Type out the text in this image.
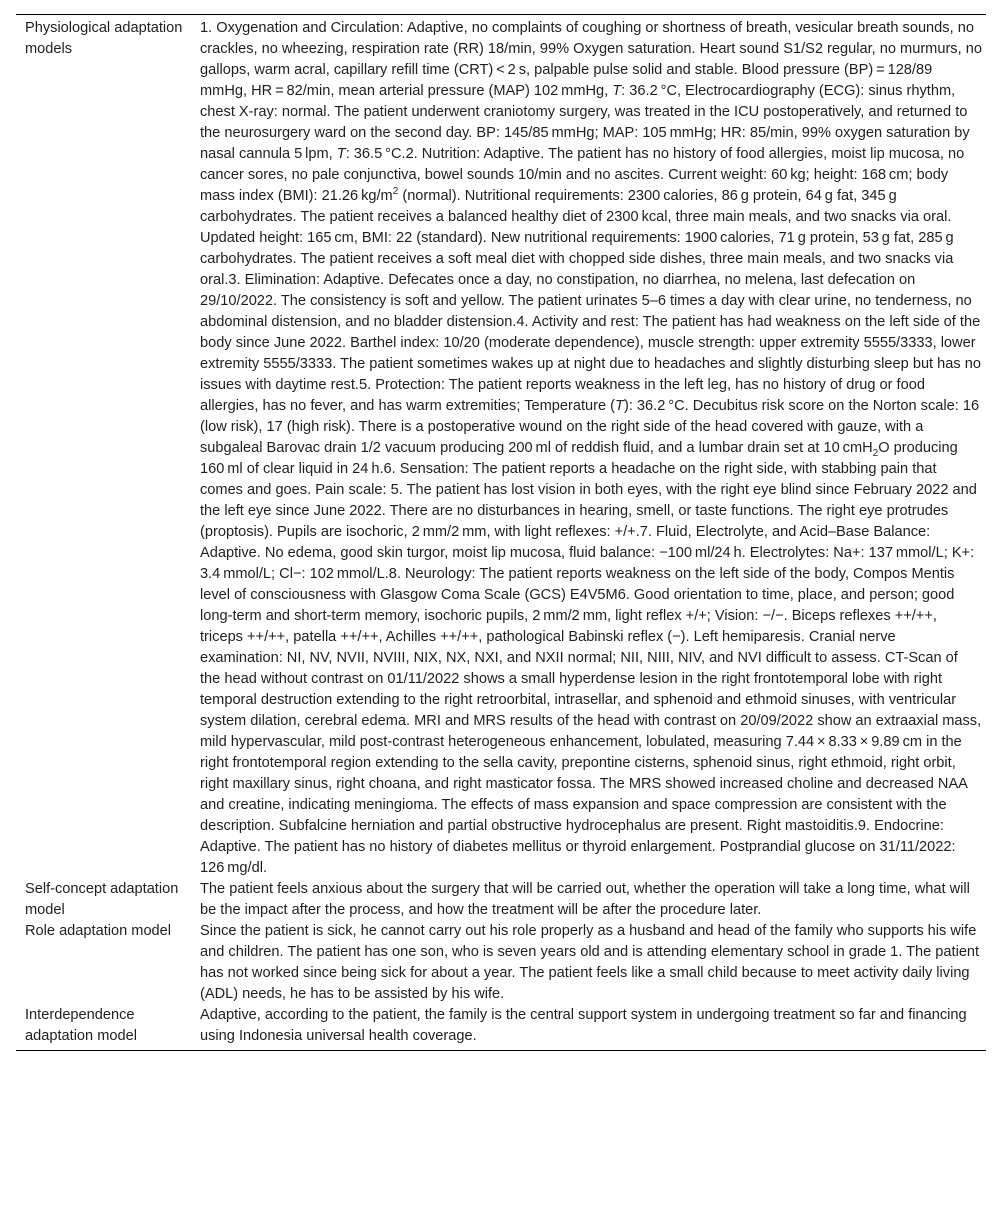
Physiological adaptation models	1. Oxygenation and Circulation: Adaptive, no complaints of coughing or shortness of breath, vesicular breath sounds, no crackles, no wheezing, respiration rate (RR) 18/min, 99% Oxygen saturation. Heart sound S1/S2 regular, no murmurs, no gallops, warm acral, capillary refill time (CRT) < 2 s, palpable pulse solid and stable. Blood pressure (BP) = 128/89 mmHg, HR = 82/min, mean arterial pressure (MAP) 102 mmHg, T: 36.2 °C, Electrocardiography (ECG): sinus rhythm, chest X-ray: normal. The patient underwent craniotomy surgery, was treated in the ICU postoperatively, and returned to the neurosurgery ward on the second day. BP: 145/85 mmHg; MAP: 105 mmHg; HR: 85/min, 99% oxygen saturation by nasal cannula 5 lpm, T: 36.5 °C.2. Nutrition: Adaptive. The patient has no history of food allergies, moist lip mucosa, no cancer sores, no pale conjunctiva, bowel sounds 10/min and no ascites. Current weight: 60 kg; height: 168 cm; body mass index (BMI): 21.26 $kg/m^2$ (normal). Nutritional requirements: 2300 calories, 86 g protein, 64 g fat, 345 g carbohydrates. The patient receives a balanced healthy diet of 2300 kcal, three main meals, and two snacks via oral. Updated height: 165 cm, BMI: 22 (standard). New nutritional requirements: 1900 calories, 71 g protein, 53 g fat, 285 g carbohydrates. The patient receives a soft meal diet with chopped side dishes, three main meals, and two snacks via oral.3. Elimination: Adaptive. Defecates once a day, no constipation, no diarrhea, no melena, last defecation on 29/10/2022. The consistency is soft and yellow. The patient urinates 5–6 times a day with clear urine, no tenderness, no abdominal distension, and no bladder distension.4. Activity and rest: The patient has had weakness on the left side of the body since June 2022. Barthel index: 10/20 (moderate dependence), muscle strength: upper extremity 5555/3333, lower extremity 5555/3333. The patient sometimes wakes up at night due to headaches and slightly disturbing sleep but has no issues with daytime rest.5. Protection: The patient reports weakness in the left leg, has no history of drug or food allergies, has no fever, and has warm extremities; Temperature (T): 36.2 °C. Decubitus risk score on the Norton scale: 16 (low risk), 17 (high risk). There is a postoperative wound on the right side of the head covered with gauze, with a subgaleal Barovac drain 1/2 vacuum producing 200 ml of reddish fluid, and a lumbar drain set at 10 cmH$_2$O producing 160 ml of clear liquid in 24 h.6. Sensation: The patient reports a headache on the right side, with stabbing pain that comes and goes. Pain scale: 5. The patient has lost vision in both eyes, with the right eye blind since February 2022 and the left eye since June 2022. There are no disturbances in hearing, smell, or taste functions. The right eye protrudes (proptosis). Pupils are isochoric, 2 mm/2 mm, with light reflexes: +/+.7. Fluid, Electrolyte, and Acid–Base Balance: Adaptive. No edema, good skin turgor, moist lip mucosa, fluid balance: −100 ml/24 h. Electrolytes: Na+: 137 mmol/L; K+: 3.4 mmol/L; Cl−: 102 mmol/L.8. Neurology: The patient reports weakness on the left side of the body, Compos Mentis level of consciousness with Glasgow Coma Scale (GCS) E4V5M6. Good orientation to time, place, and person; good long-term and short-term memory, isochoric pupils, 2 mm/2 mm, light reflex +/+; Vision: −/−. Biceps reflexes ++/++, triceps ++/++, patella ++/++, Achilles ++/++, pathological Babinski reflex (−). Left hemiparesis. Cranial nerve examination: NI, NV, NVII, NVIII, NIX, NX, NXI, and NXII normal; NII, NIII, NIV, and NVI difficult to assess. CT-Scan of the head without contrast on 01/11/2022 shows a small hyperdense lesion in the right frontotemporal lobe with right temporal destruction extending to the right retroorbital, intrasellar, and sphenoid and ethmoid sinuses, with ventricular system dilation, cerebral edema. MRI and MRS results of the head with contrast on 20/09/2022 show an extraaxial mass, mild hypervascular, mild post-contrast heterogeneous enhancement, lobulated, measuring 7.44 × 8.33 × 9.89 cm in the right frontotemporal region extending to the sella cavity, prepontine cisterns, sphenoid sinus, right ethmoid, right orbit, right maxillary sinus, right choana, and right masticator fossa. The MRS showed increased choline and decreased NAA and creatine, indicating meningioma. The effects of mass expansion and space compression are consistent with the description. Subfalcine herniation and partial obstructive hydrocephalus are present. Right mastoiditis.9. Endocrine: Adaptive. The patient has no history of diabetes mellitus or thyroid enlargement. Postprandial glucose on 31/11/2022: 126 mg/dl.
Self-concept adaptation model	The patient feels anxious about the surgery that will be carried out, whether the operation will take a long time, what will be the impact after the process, and how the treatment will be after the procedure later.
Role adaptation model	Since the patient is sick, he cannot carry out his role properly as a husband and head of the family who supports his wife and children. The patient has one son, who is seven years old and is attending elementary school in grade 1. The patient has not worked since being sick for about a year. The patient feels like a small child because to meet activity daily living (ADL) needs, he has to be assisted by his wife.
Interdependence adaptation model	Adaptive, according to the patient, the family is the central support system in undergoing treatment so far and financing using Indonesia universal health coverage.
